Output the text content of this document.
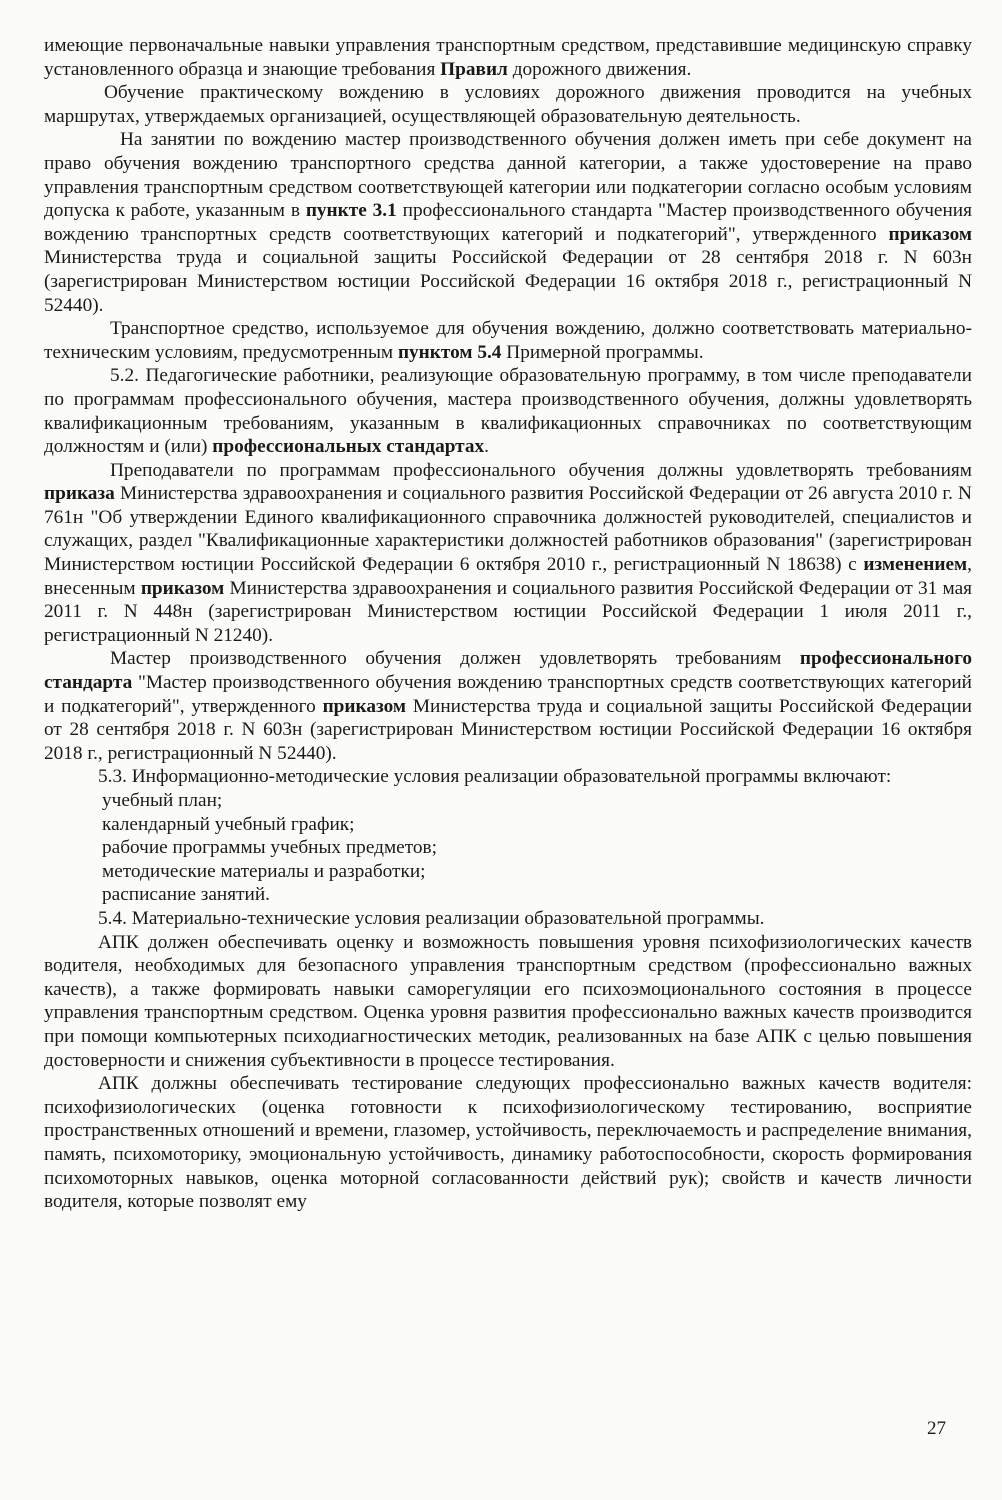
имеющие первоначальные навыки управления транспортным средством, представившие медицинскую справку установленного образца и знающие требования Правил дорожного движения.

Обучение практическому вождению в условиях дорожного движения проводится на учебных маршрутах, утверждаемых организацией, осуществляющей образовательную деятельность.

На занятии по вождению мастер производственного обучения должен иметь при себе документ на право обучения вождению транспортного средства данной категории, а также удостоверение на право управления транспортным средством соответствующей категории или подкатегории согласно особым условиям допуска к работе, указанным в пункте 3.1 профессионального стандарта "Мастер производственного обучения вождению транспортных средств соответствующих категорий и подкатегорий", утвержденного приказом Министерства труда и социальной защиты Российской Федерации от 28 сентября 2018 г. N 603н (зарегистрирован Министерством юстиции Российской Федерации 16 октября 2018 г., регистрационный N 52440).

Транспортное средство, используемое для обучения вождению, должно соответствовать материально-техническим условиям, предусмотренным пунктом 5.4 Примерной программы.

5.2. Педагогические работники, реализующие образовательную программу, в том числе преподаватели по программам профессионального обучения, мастера производственного обучения, должны удовлетворять квалификационным требованиям, указанным в квалификационных справочниках по соответствующим должностям и (или) профессиональных стандартах.

Преподаватели по программам профессионального обучения должны удовлетворять требованиям приказа Министерства здравоохранения и социального развития Российской Федерации от 26 августа 2010 г. N 761н "Об утверждении Единого квалификационного справочника должностей руководителей, специалистов и служащих, раздел "Квалификационные характеристики должностей работников образования" (зарегистрирован Министерством юстиции Российской Федерации 6 октября 2010 г., регистрационный N 18638) с изменением, внесенным приказом Министерства здравоохранения и социального развития Российской Федерации от 31 мая 2011 г. N 448н (зарегистрирован Министерством юстиции Российской Федерации 1 июля 2011 г., регистрационный N 21240).

Мастер производственного обучения должен удовлетворять требованиям профессионального стандарта "Мастер производственного обучения вождению транспортных средств соответствующих категорий и подкатегорий", утвержденного приказом Министерства труда и социальной защиты Российской Федерации от 28 сентября 2018 г. N 603н (зарегистрирован Министерством юстиции Российской Федерации 16 октября 2018 г., регистрационный N 52440).

5.3. Информационно-методические условия реализации образовательной программы включают:

учебный план;
календарный учебный график;
рабочие программы учебных предметов;
методические материалы и разработки;
расписание занятий.

5.4. Материально-технические условия реализации образовательной программы.

АПК должен обеспечивать оценку и возможность повышения уровня психофизиологических качеств водителя, необходимых для безопасного управления транспортным средством (профессионально важных качеств), а также формировать навыки саморегуляции его психоэмоционального состояния в процессе управления транспортным средством. Оценка уровня развития профессионально важных качеств производится при помощи компьютерных психодиагностических методик, реализованных на базе АПК с целью повышения достоверности и снижения субъективности в процессе тестирования.

АПК должны обеспечивать тестирование следующих профессионально важных качеств водителя: психофизиологических (оценка готовности к психофизиологическому тестированию, восприятие пространственных отношений и времени, глазомер, устойчивость, переключаемость и распределение внимания, память, психомоторику, эмоциональную устойчивость, динамику работоспособности, скорость формирования психомоторных навыков, оценка моторной согласованности действий рук); свойств и качеств личности водителя, которые позволят ему

27
